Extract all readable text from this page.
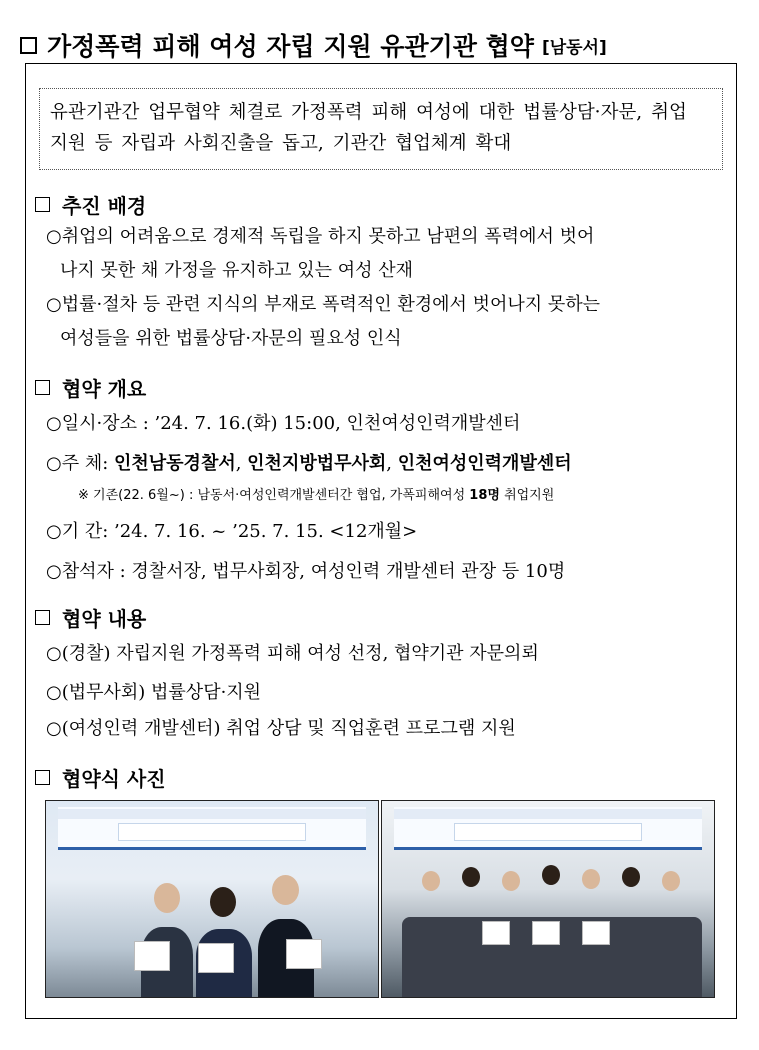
가정폭력 피해 여성 자립 지원 유관기관 협약 [남동서]
유관기관간 업무협약 체결로 가정폭력 피해 여성에 대한 법률상담·자문, 취업 지원 등 자립과 사회진출을 돕고, 기관간 협업체계 확대
추진 배경
○취업의 어려움으로 경제적 독립을 하지 못하고 남편의 폭력에서 벗어
나지 못한 채 가정을 유지하고 있는 여성 산재
○법률·절차 등 관련 지식의 부재로 폭력적인 환경에서 벗어나지 못하는
여성들을 위한 법률상담·자문의 필요성 인식
협약 개요
○일시·장소 : ’24. 7. 16.(화) 15:00, 인천여성인력개발센터
○주 체: 인천남동경찰서, 인천지방법무사회, 인천여성인력개발센터
※ 기존(22. 6월~) : 남동서·여성인력개발센터간 협업, 가폭피해여성 18명 취업지원
○기 간: ’24. 7. 16. ~ ’25. 7. 15. <12개월>
○참석자 : 경찰서장, 법무사회장, 여성인력 개발센터 관장 등 10명
협약 내용
○(경찰) 자립지원 가정폭력 피해 여성 선정, 협약기관 자문의뢰
○(법무사회) 법률상담·지원
○(여성인력 개발센터) 취업 상담 및 직업훈련 프로그램 지원
협약식 사진
